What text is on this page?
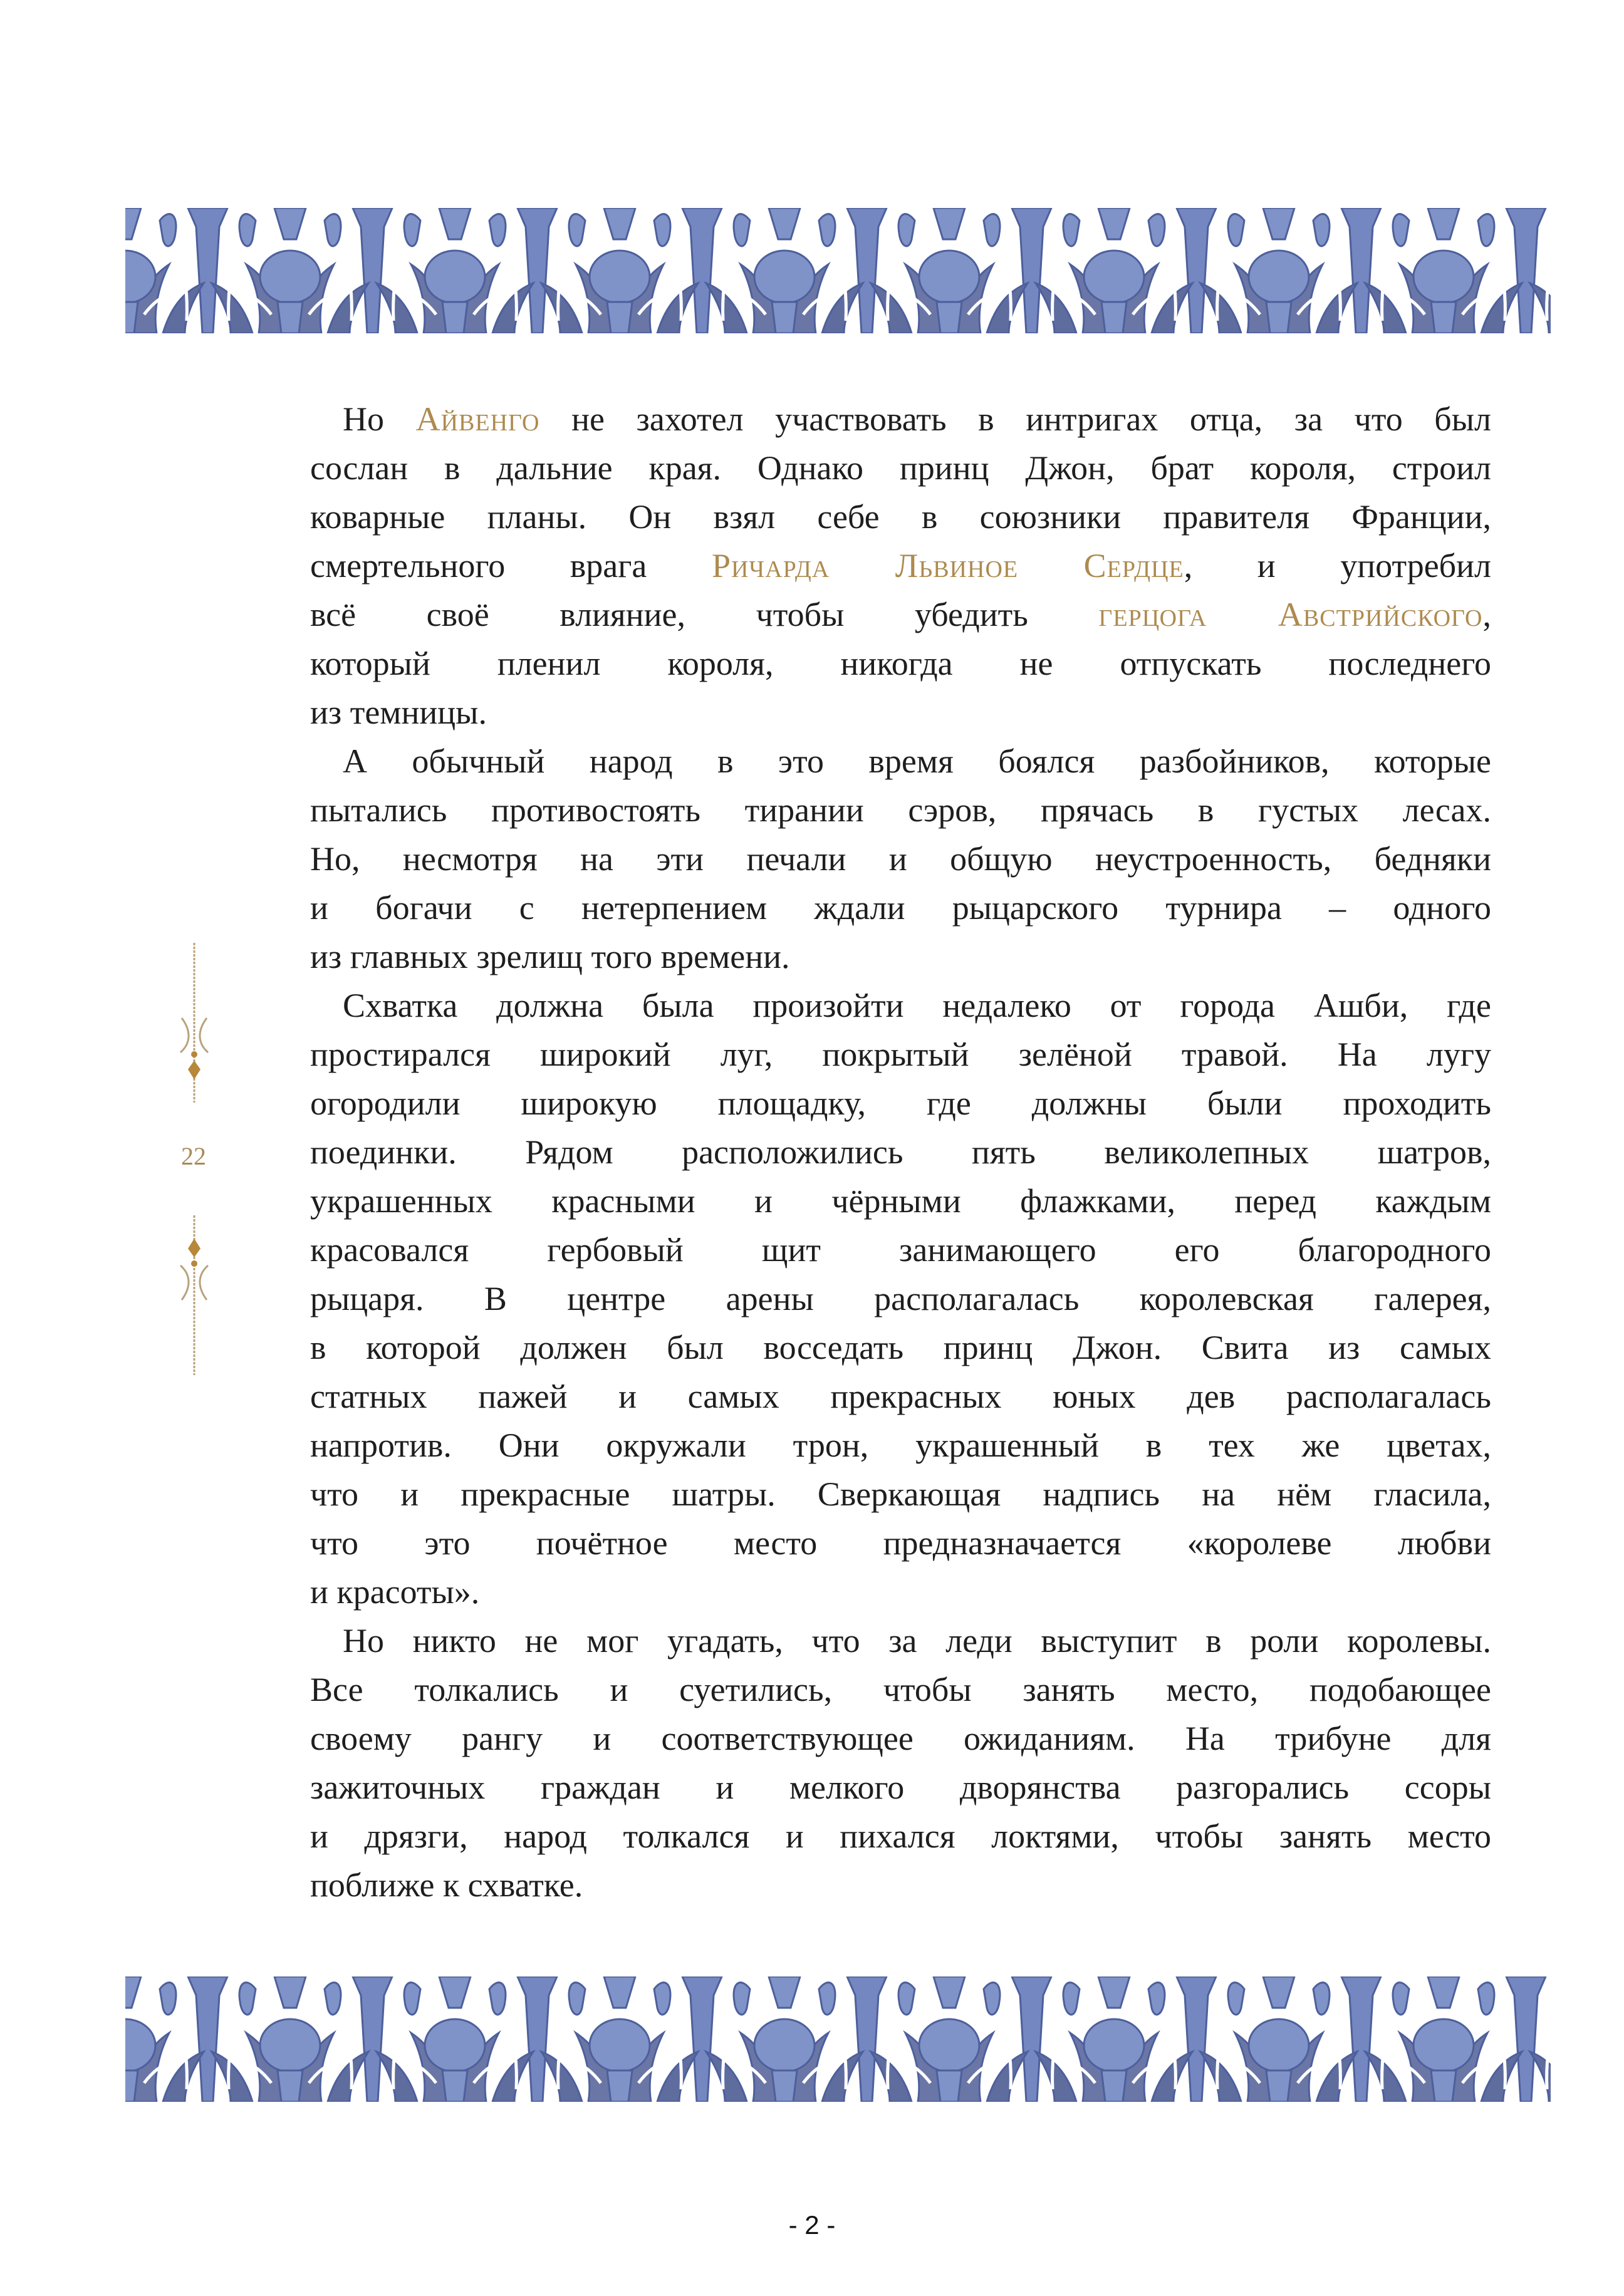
Но Айвенго не захотел участвовать в интригах отца, за что был
сослан в дальние края. Однако принц Джон, брат короля, строил
коварные планы. Он взял себе в союзники правителя Франции,
смертельного врага Ричарда Львиное Сердце, и употребил
всё своё влияние, чтобы убедить герцога Австрийского,
который пленил короля, никогда не отпускать последнего
из темницы.
А обычный народ в это время боялся разбойников, которые
пытались противостоять тирании сэров, прячась в густых лесах.
Но, несмотря на эти печали и общую неустроенность, бедняки
и богачи с нетерпением ждали рыцарского турнира – одного
из главных зрелищ того времени.
Схватка должна была произойти недалеко от города Ашби, где
простирался широкий луг, покрытый зелёной травой. На лугу
огородили широкую площадку, где должны были проходить
поединки. Рядом расположились пять великолепных шатров,
украшенных красными и чёрными флажками, перед каждым
красовался гербовый щит занимающего его благородного
рыцаря. В центре арены располагалась королевская галерея,
в которой должен был восседать принц Джон. Свита из самых
статных пажей и самых прекрасных юных дев располагалась
напротив. Они окружали трон, украшенный в тех же цветах,
что и прекрасные шатры. Сверкающая надпись на нём гласила,
что это почётное место предназначается «королеве любви
и красоты».
Но никто не мог угадать, что за леди выступит в роли королевы.
Все толкались и суетились, чтобы занять место, подобающее
своему рангу и соответствующее ожиданиям. На трибуне для
зажиточных граждан и мелкого дворянства разгорались ссоры
и дрязги, народ толкался и пихался локтями, чтобы занять место
поближе к схватке.
22
- 2 -
